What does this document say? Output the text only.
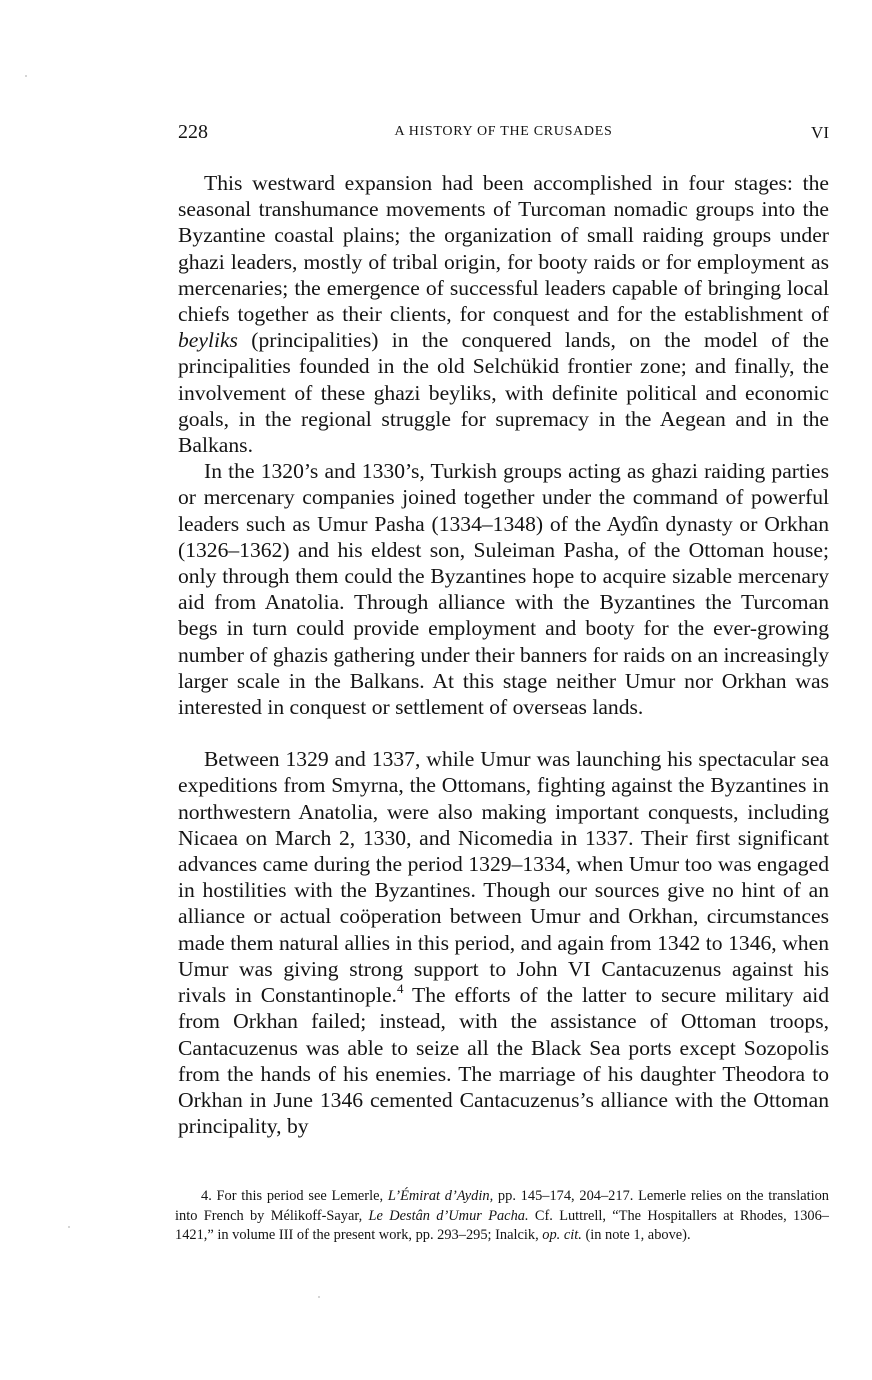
228	A HISTORY OF THE CRUSADES	VI

This westward expansion had been accomplished in four stages: the seasonal transhumance movements of Turcoman nomadic groups into the Byzantine coastal plains; the organization of small raiding groups under ghazi leaders, mostly of tribal origin, for booty raids or for employment as mercenaries; the emergence of successful leaders capable of bringing local chiefs together as their clients, for conquest and for the establishment of beyliks (principalities) in the conquered lands, on the model of the principalities founded in the old Selchükid frontier zone; and finally, the involvement of these ghazi beyliks, with definite political and economic goals, in the regional struggle for supremacy in the Aegean and in the Balkans.

In the 1320’s and 1330’s, Turkish groups acting as ghazi raiding parties or mercenary companies joined together under the command of powerful leaders such as Umur Pasha (1334–1348) of the Aydîn dynasty or Orkhan (1326–1362) and his eldest son, Suleiman Pasha, of the Ottoman house; only through them could the Byzantines hope to acquire sizable mercenary aid from Anatolia. Through alliance with the Byzantines the Turcoman begs in turn could provide employment and booty for the ever-growing number of ghazis gathering under their banners for raids on an increasingly larger scale in the Balkans. At this stage neither Umur nor Orkhan was interested in conquest or settlement of overseas lands.

Between 1329 and 1337, while Umur was launching his spectacular sea expeditions from Smyrna, the Ottomans, fighting against the Byzantines in northwestern Anatolia, were also making important conquests, including Nicaea on March 2, 1330, and Nicomedia in 1337. Their first significant advances came during the period 1329–1334, when Umur too was engaged in hostilities with the Byzantines. Though our sources give no hint of an alliance or actual coöperation between Umur and Orkhan, circumstances made them natural allies in this period, and again from 1342 to 1346, when Umur was giving strong support to John VI Cantacuzenus against his rivals in Constantinople.$^4$ The efforts of the latter to secure military aid from Orkhan failed; instead, with the assistance of Ottoman troops, Cantacuzenus was able to seize all the Black Sea ports except Sozopolis from the hands of his enemies. The marriage of his daughter Theodora to Orkhan in June 1346 cemented Cantacuzenus’s alliance with the Ottoman principality, by

4. For this period see Lemerle, L’Émirat d’Aydin, pp. 145–174, 204–217. Lemerle relies on the translation into French by Mélikoff-Sayar, Le Destân d’Umur Pacha. Cf. Luttrell, “The Hospitallers at Rhodes, 1306–1421,” in volume III of the present work, pp. 293–295; Inalcik, op. cit. (in note 1, above).
